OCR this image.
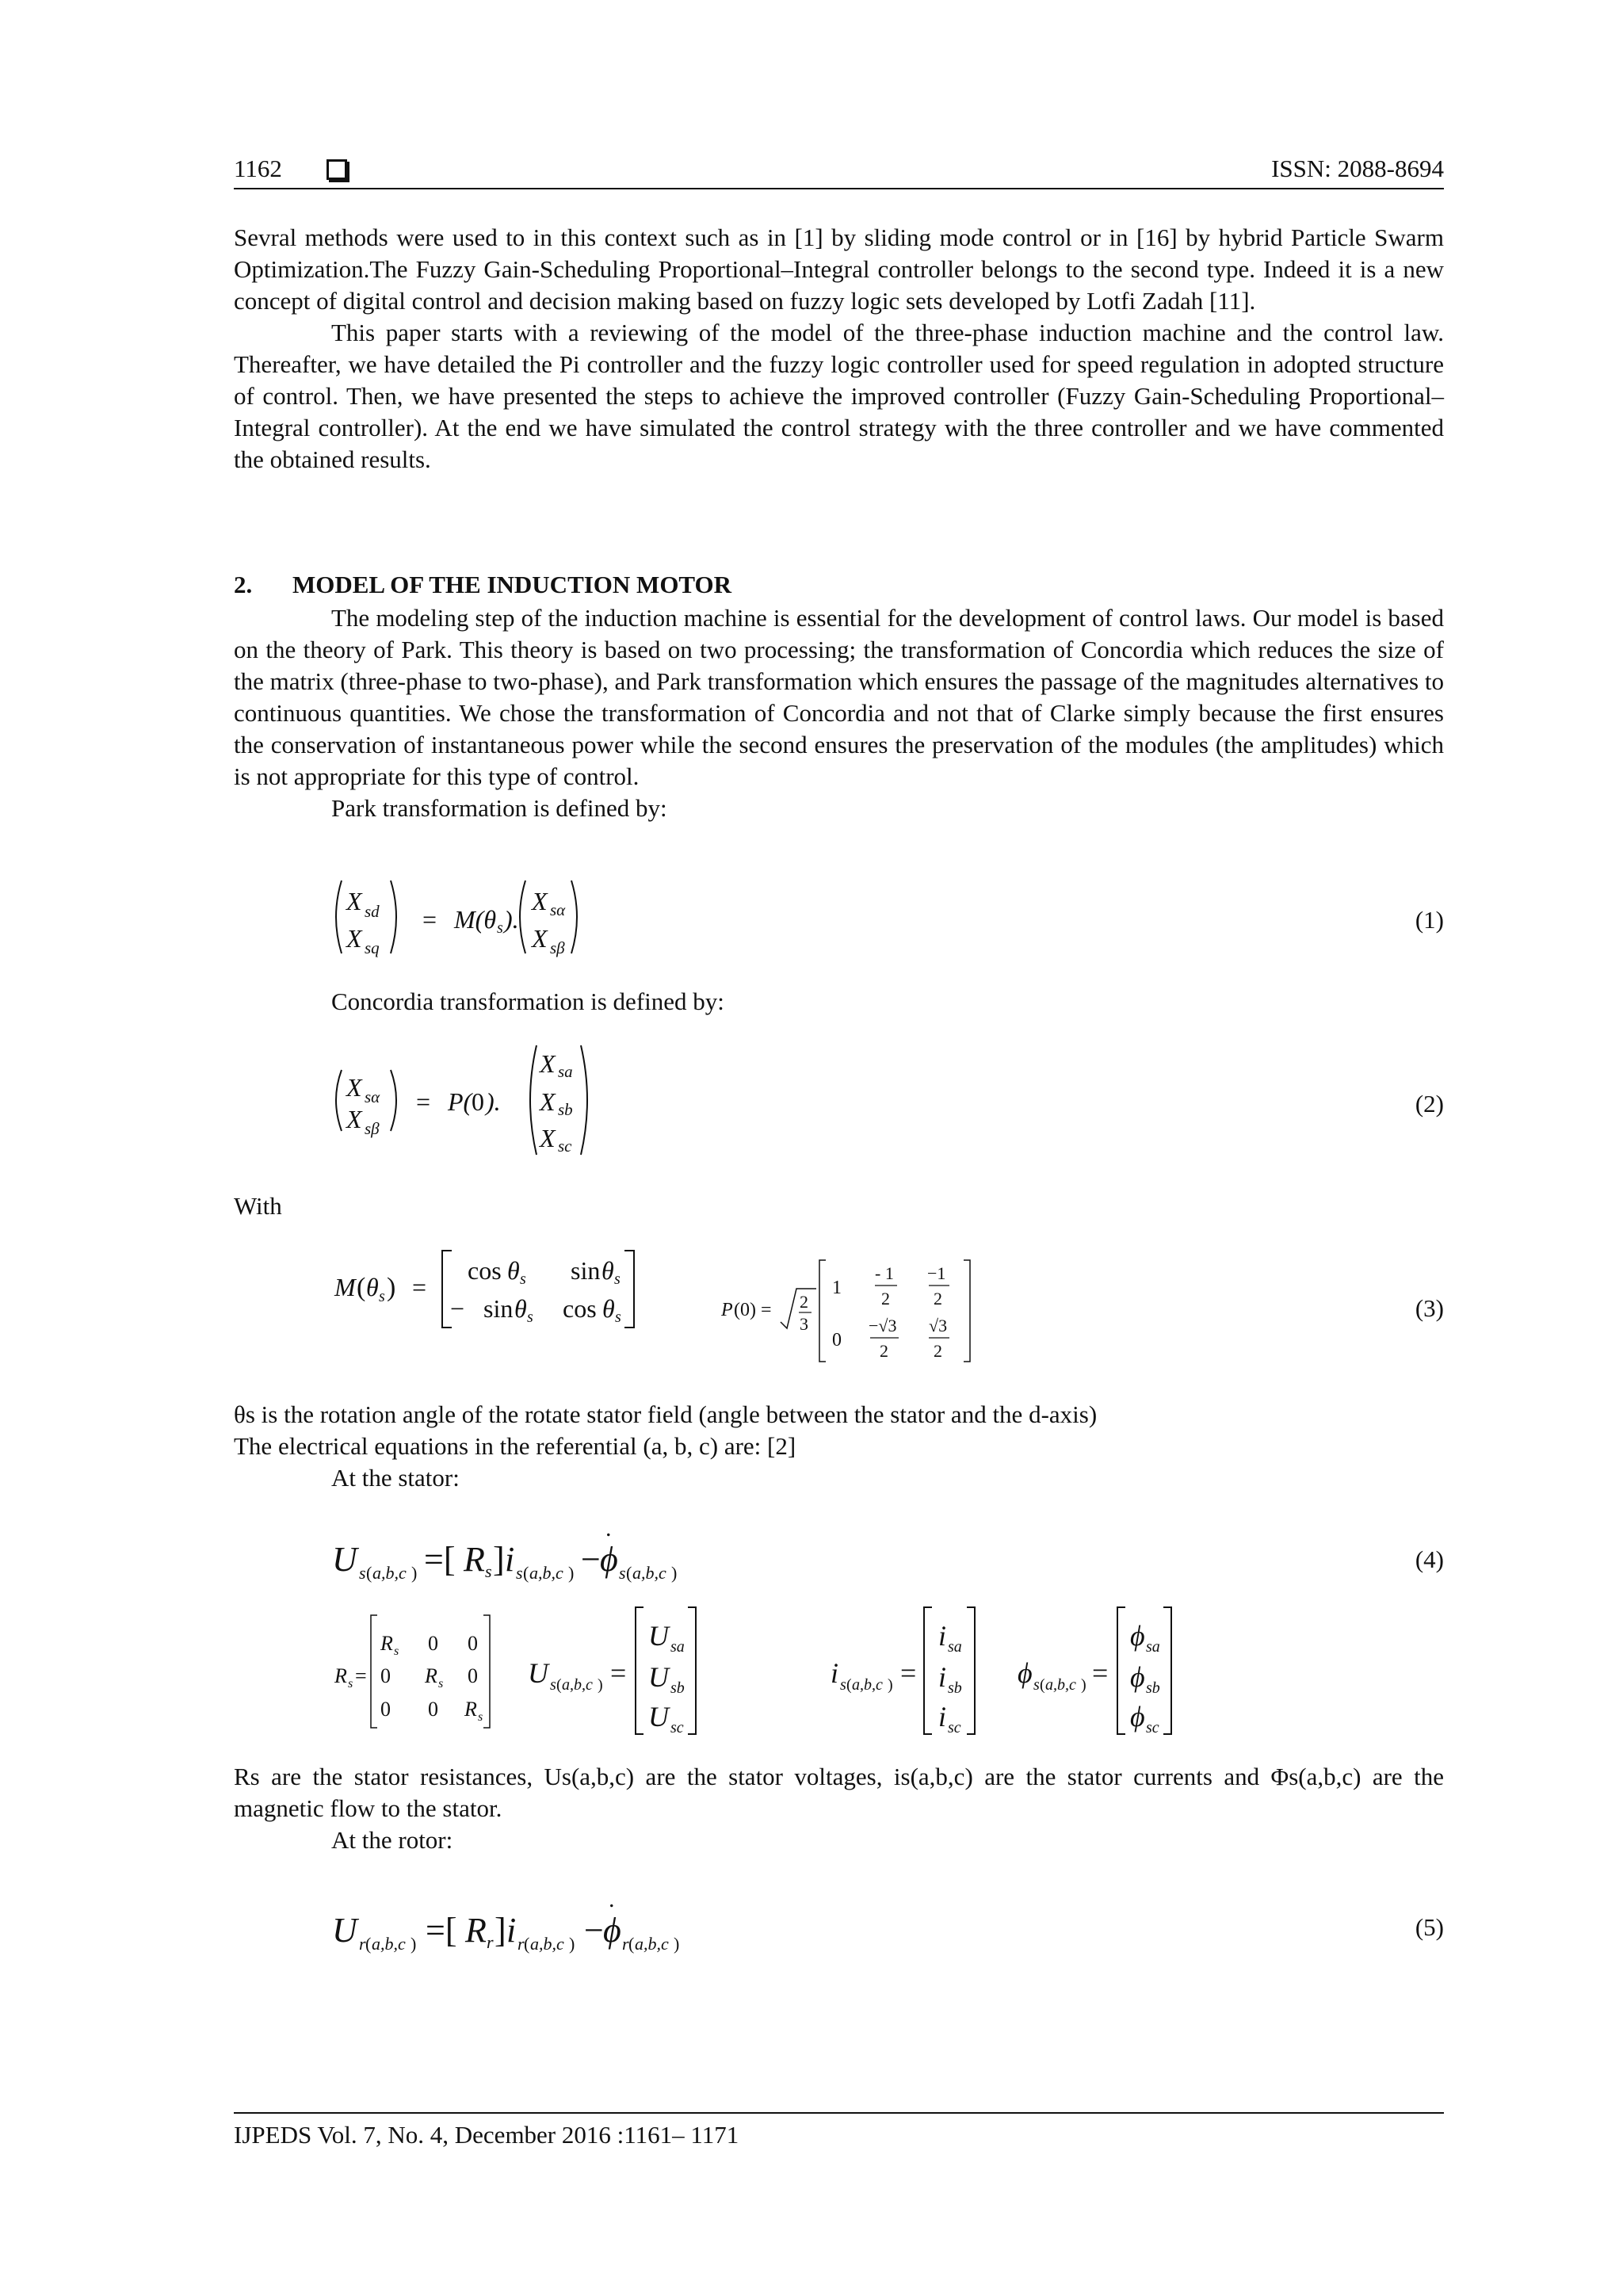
1162	ISSN: 2088-8694

Sevral methods were used to in this context such as in [1] by sliding mode control or in [16] by hybrid Particle Swarm Optimization.The Fuzzy Gain-Scheduling Proportional–Integral controller belongs to the second type. Indeed it is a new concept of digital control and decision making based on fuzzy logic sets developed by Lotfi Zadah [11].

This paper starts with a reviewing of the model of the three-phase induction machine and the control law. Thereafter, we have detailed the Pi controller and the fuzzy logic controller used for speed regulation in adopted structure of control. Then, we have presented the steps to achieve the improved controller (Fuzzy Gain-Scheduling Proportional–Integral controller). At the end we have simulated the control strategy with the three controller and we have commented the obtained results.

2. MODEL OF THE INDUCTION MOTOR

The modeling step of the induction machine is essential for the development of control laws. Our model is based on the theory of Park. This theory is based on two processing; the transformation of Concordia which reduces the size of the matrix (three-phase to two-phase), and Park transformation which ensures the passage of the magnitudes alternatives to continuous quantities. We chose the transformation of Concordia and not that of Clarke simply because the first ensures the conservation of instantaneous power while the second ensures the preservation of the modules (the amplitudes) which is not appropriate for this type of control.

Park transformation is defined by:

X sd
X sq
= M(θ s ).
X sα
X sβ
(1)
Concordia transformation is defined by:
X sα
X sβ
= P( 0 ).
X sa
X sb
X sc
(2)
With
M ( θ s ) =
cos θ s sin θ s
− sin θ s cos θ s	P (0) = 2
3
1
0
- 1
2
−1
2
−√3
2
√3
2
(3)

θs is the rotation angle of the rotate stator field (angle between the stator and the d-axis)

The electrical equations in the referential (a, b, c) are: [2]

At the stator:

U s ( a,b,c ) =[ R s ] i s ( a,b,c ) −
.
ϕ s ( a,b,c )	(4)
R s =
R s 0 0
0 R s 0
0 0 R s
U s ( a,b,c ) =
U sa
U sb
U sc
i s ( a,b,c ) =
i sa
i sb
i sc
ϕ s ( a,b,c ) =
ϕ sa
ϕ sb
ϕ sc

Rs are the stator resistances, Us(a,b,c) are the stator voltages, is(a,b,c) are the stator currents and Φs(a,b,c) are the magnetic flow to the stator.

At the rotor:

U r ( a,b,c ) =[ R r ] i r ( a,b,c ) −
.
ϕ r ( a,b,c )
(5)
IJPEDS Vol. 7, No. 4, December 2016 :1161– 1171
